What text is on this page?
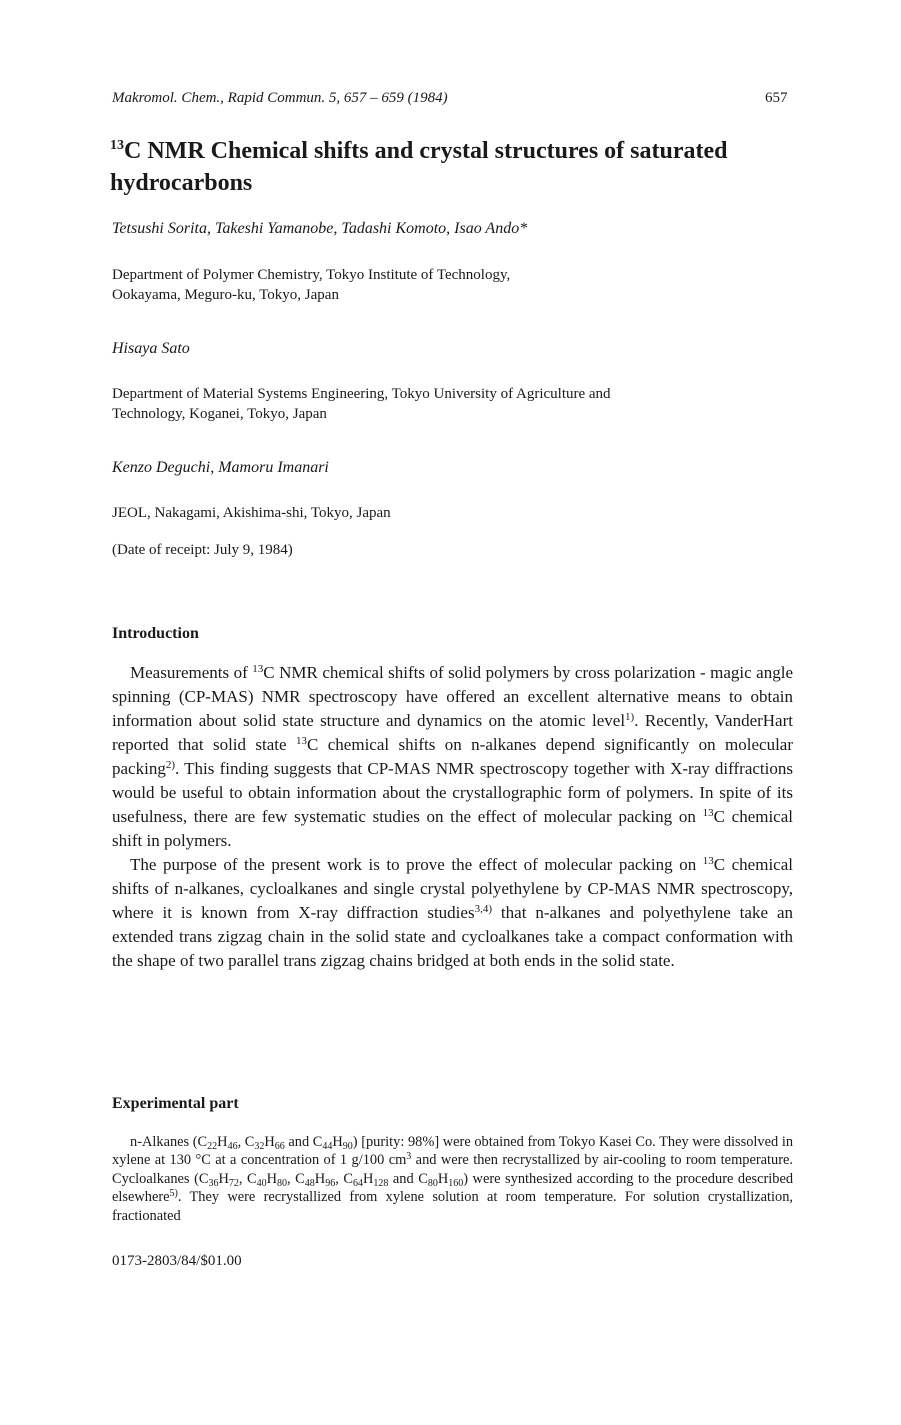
Makromol. Chem., Rapid Commun. 5, 657 – 659 (1984)	657
$^{13}$C NMR Chemical shifts and crystal structures of saturated hydrocarbons
Tetsushi Sorita, Takeshi Yamanobe, Tadashi Komoto, Isao Ando*
Department of Polymer Chemistry, Tokyo Institute of Technology,
Ookayama, Meguro-ku, Tokyo, Japan
Hisaya Sato
Department of Material Systems Engineering, Tokyo University of Agriculture and
Technology, Koganei, Tokyo, Japan
Kenzo Deguchi, Mamoru Imanari
JEOL, Nakagami, Akishima-shi, Tokyo, Japan
(Date of receipt: July 9, 1984)
Introduction

Measurements of $^{13}$C NMR chemical shifts of solid polymers by cross polarization - magic angle spinning (CP-MAS) NMR spectroscopy have offered an excellent alternative means to obtain information about solid state structure and dynamics on the atomic level$^{1)}$. Recently, VanderHart reported that solid state $^{13}$C chemical shifts on n-alkanes depend significantly on molecular packing$^{2)}$. This finding suggests that CP-MAS NMR spectroscopy together with X-ray diffractions would be useful to obtain information about the crystallographic form of polymers. In spite of its usefulness, there are few systematic studies on the effect of molecular packing on $^{13}$C chemical shift in polymers.

The purpose of the present work is to prove the effect of molecular packing on $^{13}$C chemical shifts of n-alkanes, cycloalkanes and single crystal polyethylene by CP-MAS NMR spectroscopy, where it is known from X-ray diffraction studies$^{3,4)}$ that n-alkanes and polyethylene take an extended trans zigzag chain in the solid state and cycloalkanes take a compact conformation with the shape of two parallel trans zigzag chains bridged at both ends in the solid state.

Experimental part

n-Alkanes ($C_{22}H_{46}$, $C_{32}H_{66}$ and $C_{44}H_{90}$) [purity: 98%] were obtained from Tokyo Kasei Co. They were dissolved in xylene at 130 °C at a concentration of 1 g/100 $cm^3$ and were then recrystallized by air-cooling to room temperature. Cycloalkanes ($C_{36}H_{72}$, $C_{40}H_{80}$, $C_{48}H_{96}$, $C_{64}H_{128}$ and $C_{80}H_{160}$) were synthesized according to the procedure described elsewhere$^{5)}$. They were recrystallized from xylene solution at room temperature. For solution crystallization, fractionated

0173-2803/84/$01.00
